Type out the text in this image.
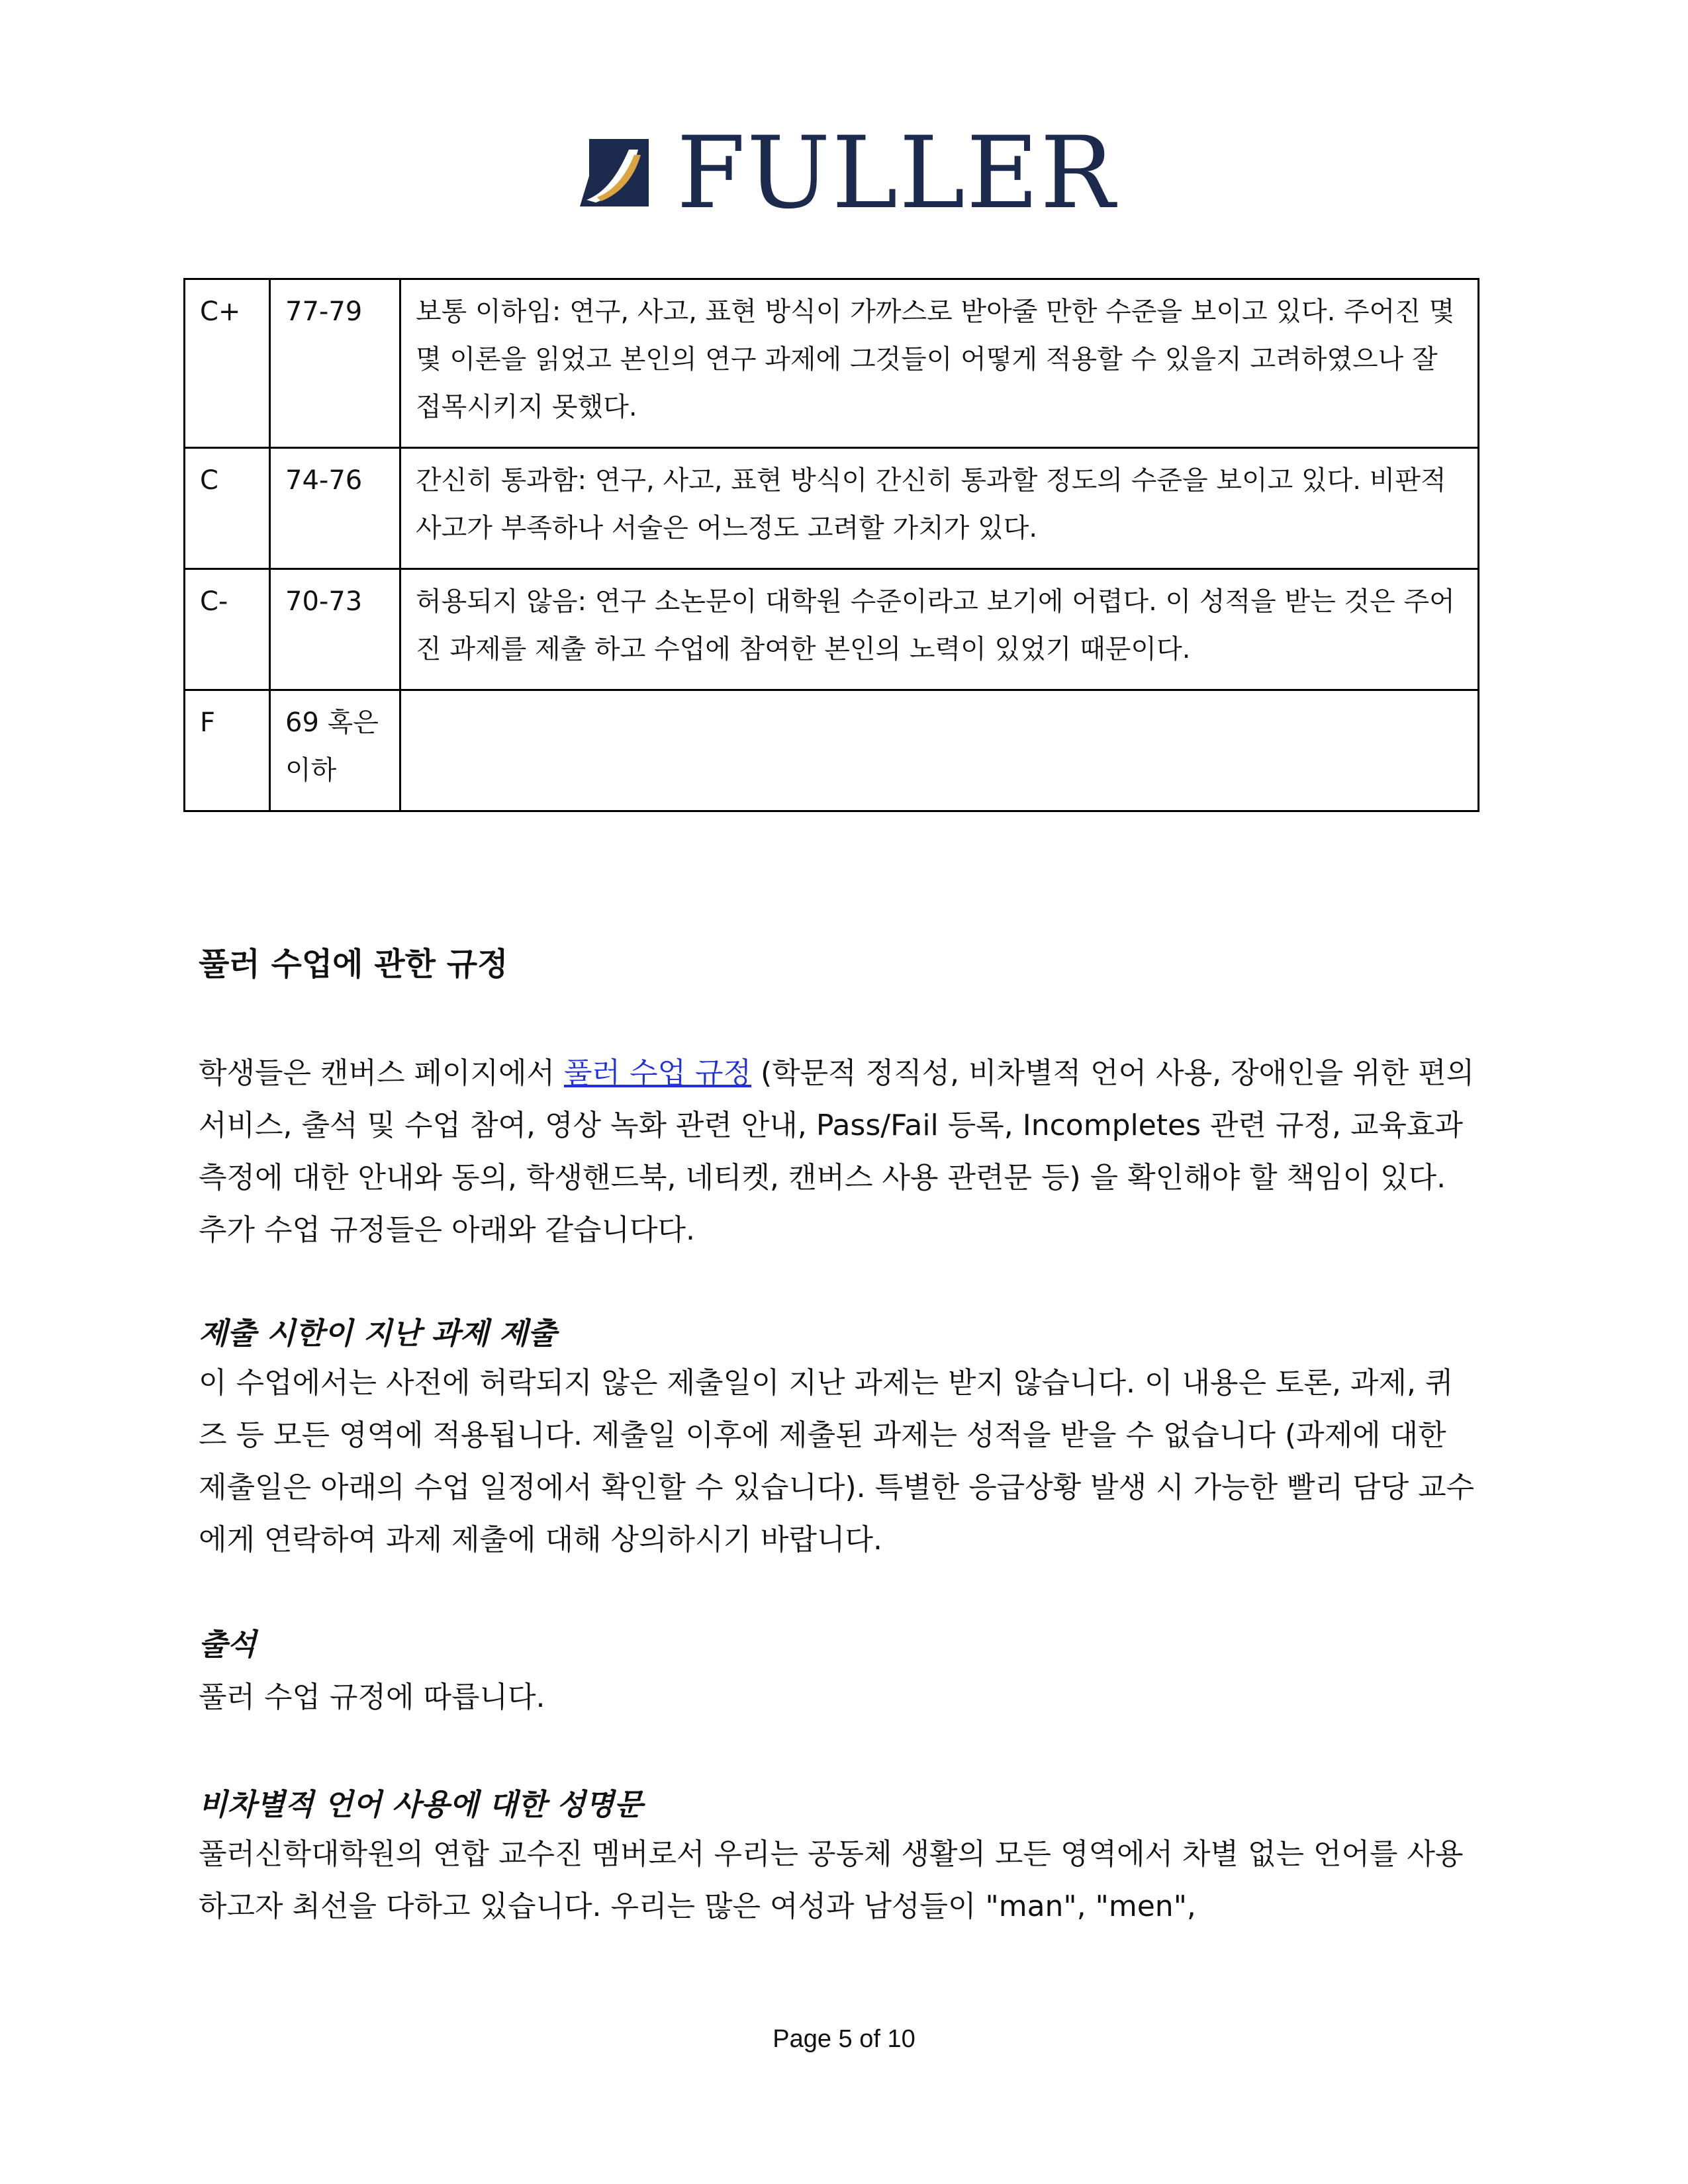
FULLER
C+	77-79	보통 이하임: 연구, 사고, 표현 방식이 가까스로 받아줄 만한 수준을 보이고 있다. 주어진 몇몇 이론을 읽었고 본인의 연구 과제에 그것들이 어떻게 적용할 수 있을지 고려하였으나 잘 접목시키지 못했다.
C	74-76	간신히 통과함: 연구, 사고, 표현 방식이 간신히 통과할 정도의 수준을 보이고 있다. 비판적 사고가 부족하나 서술은 어느정도 고려할 가치가 있다.
C-	70-73	허용되지 않음: 연구 소논문이 대학원 수준이라고 보기에 어렵다. 이 성적을 받는 것은 주어진 과제를 제출 하고 수업에 참여한 본인의 노력이 있었기 때문이다.
F	69 혹은 이하	
풀러 수업에 관한 규정

학생들은 캔버스 페이지에서 풀러 수업 규정 (학문적 정직성, 비차별적 언어 사용, 장애인을 위한 편의 서비스, 출석 및 수업 참여, 영상 녹화 관련 안내, Pass/Fail 등록, Incompletes 관련 규정, 교육효과 측정에 대한 안내와 동의, 학생핸드북, 네티켓, 캔버스 사용 관련문 등) 을 확인해야 할 책임이 있다. 추가 수업 규정들은 아래와 같습니다다.

제출 시한이 지난 과제 제출

이 수업에서는 사전에 허락되지 않은 제출일이 지난 과제는 받지 않습니다. 이 내용은 토론, 과제, 퀴즈 등 모든 영역에 적용됩니다. 제출일 이후에 제출된 과제는 성적을 받을 수 없습니다 (과제에 대한 제출일은 아래의 수업 일정에서 확인할 수 있습니다). 특별한 응급상황 발생 시 가능한 빨리 담당 교수에게 연락하여 과제 제출에 대해 상의하시기 바랍니다.

출석

풀러 수업 규정에 따릅니다.

비차별적 언어 사용에 대한 성명문

풀러신학대학원의 연합 교수진 멤버로서 우리는 공동체 생활의 모든 영역에서 차별 없는 언어를 사용하고자 최선을 다하고 있습니다. 우리는 많은 여성과 남성들이 "man", "men",

Page 5 of 10
